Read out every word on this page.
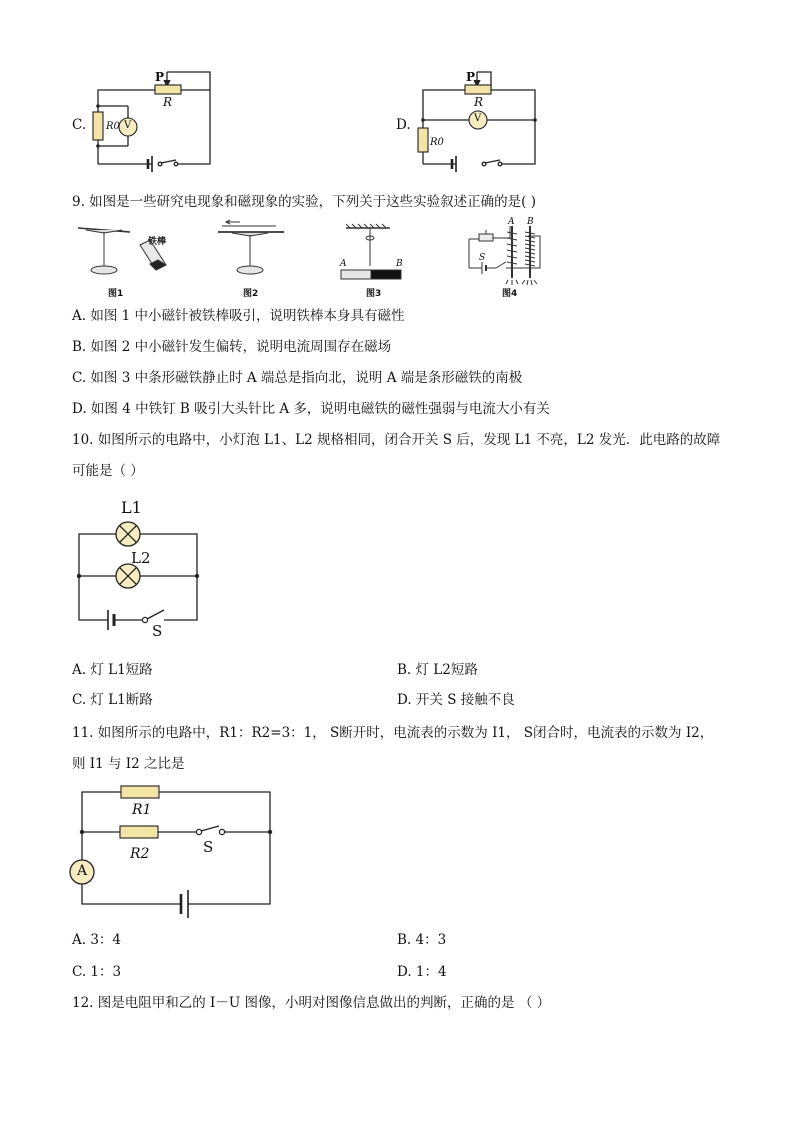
C.
P
R
R0 V	D.
P
R
R0
V
9. 如图是一些研究电现象和磁现象的实验，下列关于这些实验叙述正确的是( )
铁棒
A	B
A B
S
图1	图2	图3	图4
A. 如图 1 中小磁针被铁棒吸引，说明铁棒本身具有磁性
B. 如图 2 中小磁针发生偏转，说明电流周围存在磁场
C. 如图 3 中条形磁铁静止时 A 端总是指向北，说明 A 端是条形磁铁的南极
D. 如图 4 中铁钉 B 吸引大头针比 A 多，说明电磁铁的磁性强弱与电流大小有关
10. 如图所示的电路中，小灯泡 L1、L2 规格相同，闭合开关 S 后，发现 L1 不亮，L2 发光．此电路的故障
可能是（ ）
L1
L2
S
A. 灯 L1短路	B. 灯 L2短路
C. 灯 L1断路	D. 开关 S 接触不良
11. 如图所示的电路中，R1：R2=3：1， S断开时，电流表的示数为 I1， S闭合时，电流表的示数为 I2，
则 I1 与 I2 之比是
R1
R2	S
A
A. 3：4	B. 4：3
C. 1：3	D. 1：4
12. 图是电阻甲和乙的 I－U 图像，小明对图像信息做出的判断，正确的是 （ ）
